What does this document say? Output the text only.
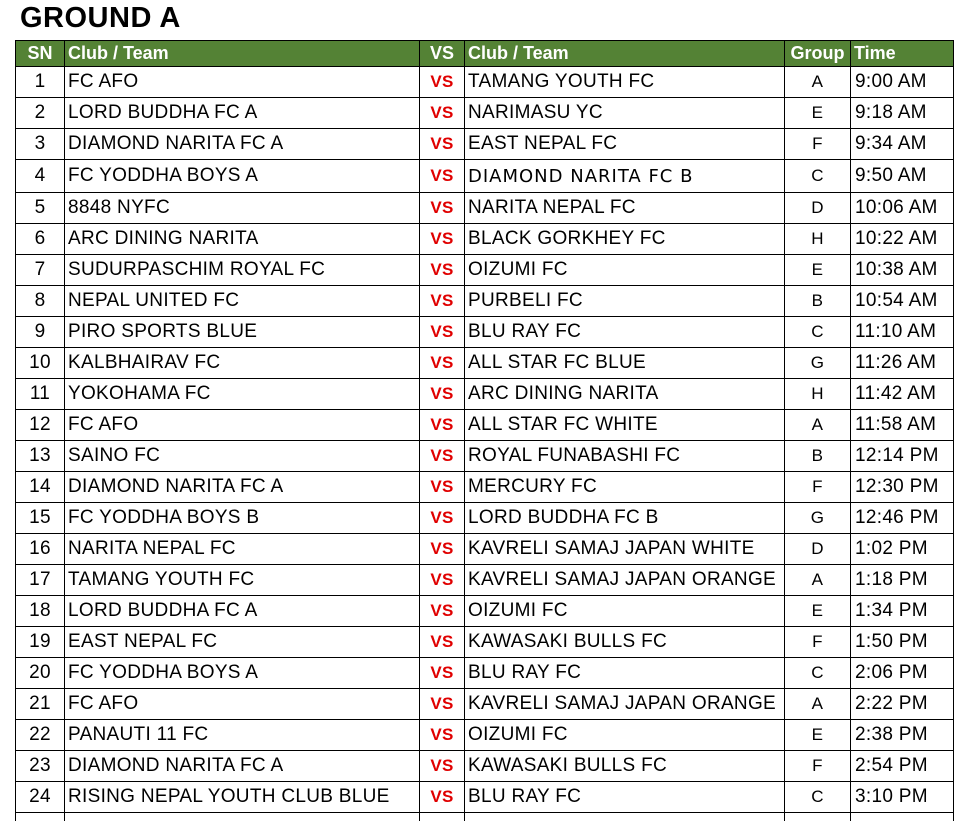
GROUND A
SN	Club / Team	VS	Club / Team	Group	Time
1	FC AFO	VS	TAMANG YOUTH FC	A	9:00 AM
2	LORD BUDDHA FC A	VS	NARIMASU YC	E	9:18 AM
3	DIAMOND NARITA FC A	VS	EAST NEPAL FC	F	9:34 AM
4	FC YODDHA BOYS A	VS	DIAMOND NARITA FC B	C	9:50 AM
5	8848 NYFC	VS	NARITA NEPAL FC	D	10:06 AM
6	ARC DINING NARITA	VS	BLACK GORKHEY FC	H	10:22 AM
7	SUDURPASCHIM ROYAL FC	VS	OIZUMI FC	E	10:38 AM
8	NEPAL UNITED FC	VS	PURBELI FC	B	10:54 AM
9	PIRO SPORTS BLUE	VS	BLU RAY FC	C	11:10 AM
10	KALBHAIRAV FC	VS	ALL STAR FC BLUE	G	11:26 AM
11	YOKOHAMA FC	VS	ARC DINING NARITA	H	11:42 AM
12	FC AFO	VS	ALL STAR FC WHITE	A	11:58 AM
13	SAINO FC	VS	ROYAL FUNABASHI FC	B	12:14 PM
14	DIAMOND NARITA FC A	VS	MERCURY FC	F	12:30 PM
15	FC YODDHA BOYS B	VS	LORD BUDDHA FC B	G	12:46 PM
16	NARITA NEPAL FC	VS	KAVRELI SAMAJ JAPAN WHITE	D	1:02 PM
17	TAMANG YOUTH FC	VS	KAVRELI SAMAJ JAPAN ORANGE	A	1:18 PM
18	LORD BUDDHA FC A	VS	OIZUMI FC	E	1:34 PM
19	EAST NEPAL FC	VS	KAWASAKI BULLS FC	F	1:50 PM
20	FC YODDHA BOYS A	VS	BLU RAY FC	C	2:06 PM
21	FC AFO	VS	KAVRELI SAMAJ JAPAN ORANGE	A	2:22 PM
22	PANAUTI 11 FC	VS	OIZUMI FC	E	2:38 PM
23	DIAMOND NARITA FC A	VS	KAWASAKI BULLS FC	F	2:54 PM
24	RISING NEPAL YOUTH CLUB BLUE	VS	BLU RAY FC	C	3:10 PM
